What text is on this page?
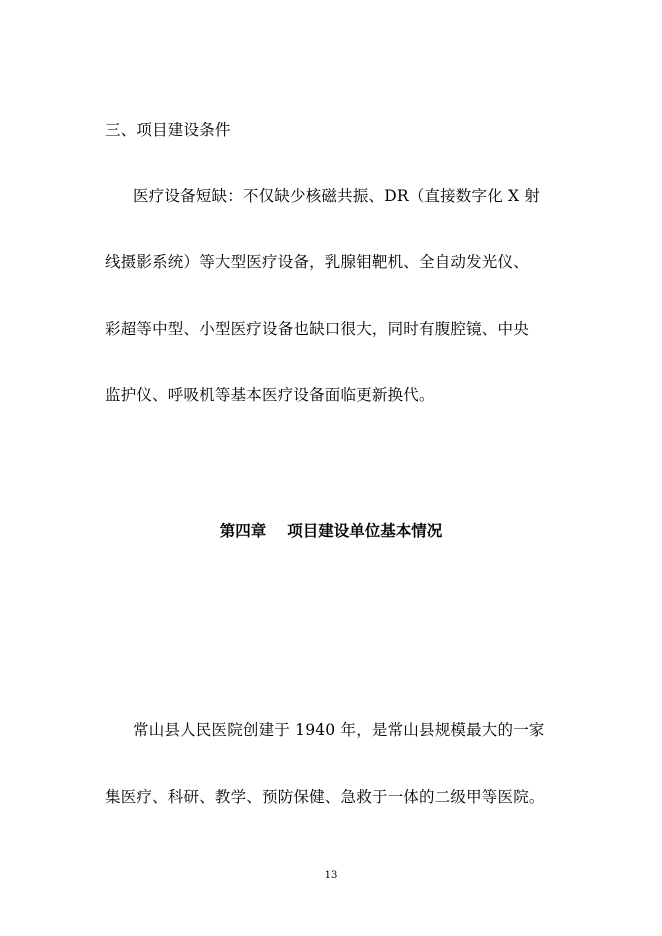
三、项目建设条件
医疗设备短缺：不仅缺少核磁共振、DR（直接数字化 X 射
线摄影系统）等大型医疗设备，乳腺钼靶机、全自动发光仪、
彩超等中型、小型医疗设备也缺口很大，同时有腹腔镜、中央
监护仪、呼吸机等基本医疗设备面临更新换代。
第四章　 项目建设单位基本情况
常山县人民医院创建于 1940 年，是常山县规模最大的一家
集医疗、科研、教学、预防保健、急救于一体的二级甲等医院。
13
